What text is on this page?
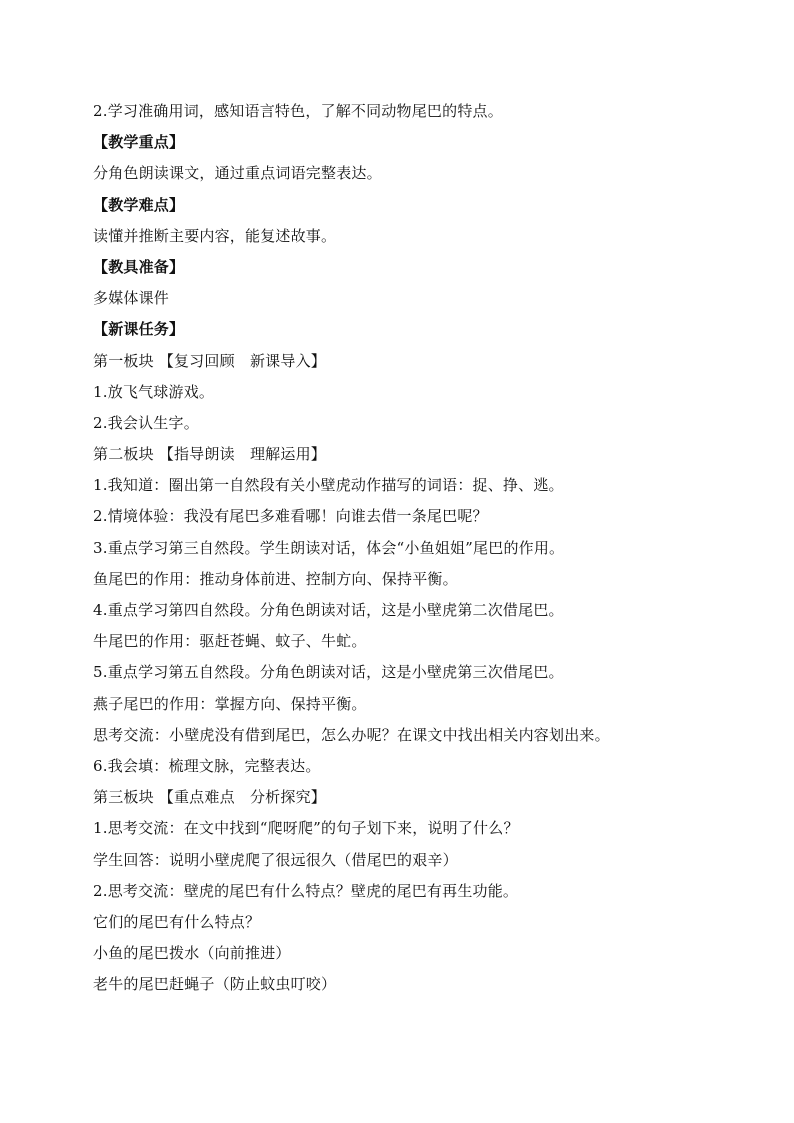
2.学习准确用词，感知语言特色，了解不同动物尾巴的特点。
【教学重点】
分角色朗读课文，通过重点词语完整表达。
【教学难点】
读懂并推断主要内容，能复述故事。
【教具准备】
多媒体课件
【新课任务】
第一板块 【复习回顾　新课导入】
1.放飞气球游戏。
2.我会认生字。
第二板块 【指导朗读　理解运用】
1.我知道：圈出第一自然段有关小壁虎动作描写的词语：捉、挣、逃。
2.情境体验：我没有尾巴多难看哪！向谁去借一条尾巴呢？
3.重点学习第三自然段。学生朗读对话，体会“小鱼姐姐”尾巴的作用。
鱼尾巴的作用：推动身体前进、控制方向、保持平衡。
4.重点学习第四自然段。分角色朗读对话，这是小壁虎第二次借尾巴。
牛尾巴的作用：驱赶苍蝇、蚊子、牛虻。
5.重点学习第五自然段。分角色朗读对话，这是小壁虎第三次借尾巴。
燕子尾巴的作用：掌握方向、保持平衡。
思考交流：小壁虎没有借到尾巴，怎么办呢？在课文中找出相关内容划出来。
6.我会填：梳理文脉，完整表达。
第三板块 【重点难点　分析探究】
1.思考交流：在文中找到“爬呀爬”的句子划下来，说明了什么？
学生回答：说明小壁虎爬了很远很久（借尾巴的艰辛）
2.思考交流：壁虎的尾巴有什么特点？壁虎的尾巴有再生功能。
它们的尾巴有什么特点？
小鱼的尾巴拨水（向前推进）
老牛的尾巴赶蝇子（防止蚊虫叮咬）
